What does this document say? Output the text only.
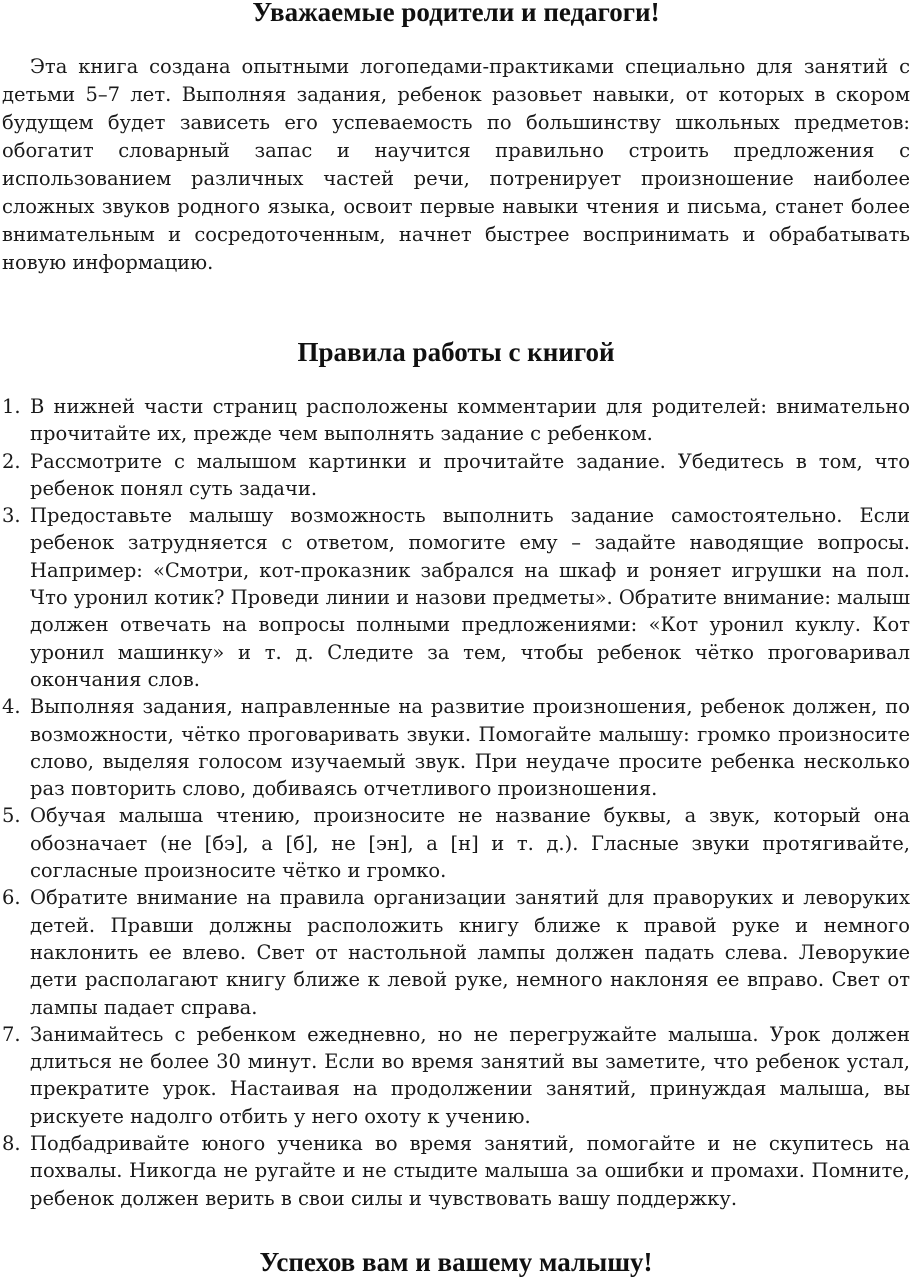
Уважаемые родители и педагоги!

Эта книга создана опытными логопедами-практиками специально для занятий с детьми 5–7 лет. Выполняя задания, ребенок разовьет навыки, от которых в скором будущем будет зависеть его успеваемость по большинству школьных предметов: обогатит словарный запас и научится правильно строить предложения с использованием различных частей речи, потренирует произношение наиболее сложных звуков родного языка, освоит первые навыки чтения и письма, станет более внимательным и сосредоточенным, начнет быстрее воспринимать и обрабатывать новую информацию.

Правила работы с книгой
1. В нижней части страниц расположены комментарии для родителей: внимательно прочитайте их, прежде чем выполнять задание с ребенком.
2. Рассмотрите с малышом картинки и прочитайте задание. Убедитесь в том, что ребенок понял суть задачи.
3. Предоставьте малышу возможность выполнить задание самостоятельно. Если ребенок затрудняется с ответом, помогите ему – задайте наводящие вопросы. Например: «Смотри, кот-проказник забрался на шкаф и роняет игрушки на пол. Что уронил котик? Проведи линии и назови предметы». Обратите внимание: малыш должен отвечать на вопросы полными предложениями: «Кот уронил куклу. Кот уронил машинку» и т. д. Следите за тем, чтобы ребенок чётко проговаривал окончания слов.
4. Выполняя задания, направленные на развитие произношения, ребенок должен, по возможности, чётко проговаривать звуки. Помогайте малышу: громко произносите слово, выделяя голосом изучаемый звук. При неудаче просите ребенка несколько раз повторить слово, добиваясь отчетливого произношения.
5. Обучая малыша чтению, произносите не название буквы, а звук, который она обозначает (не [бэ], а [б], не [эн], а [н] и т. д.). Гласные звуки протягивайте, согласные произносите чётко и громко.
6. Обратите внимание на правила организации занятий для праворуких и леворуких детей. Правши должны расположить книгу ближе к правой руке и немного наклонить ее влево. Свет от настольной лампы должен падать слева. Леворукие дети располагают книгу ближе к левой руке, немного наклоняя ее вправо. Свет от лампы падает справа.
7. Занимайтесь с ребенком ежедневно, но не перегружайте малыша. Урок должен длиться не более 30 минут. Если во время занятий вы заметите, что ребенок устал, прекратите урок. Настаивая на продолжении занятий, принуждая малыша, вы рискуете надолго отбить у него охоту к учению.
8. Подбадривайте юного ученика во время занятий, помогайте и не скупитесь на похвалы. Никогда не ругайте и не стыдите малыша за ошибки и промахи. Помните, ребенок должен верить в свои силы и чувствовать вашу поддержку.
Успехов вам и вашему малышу!
